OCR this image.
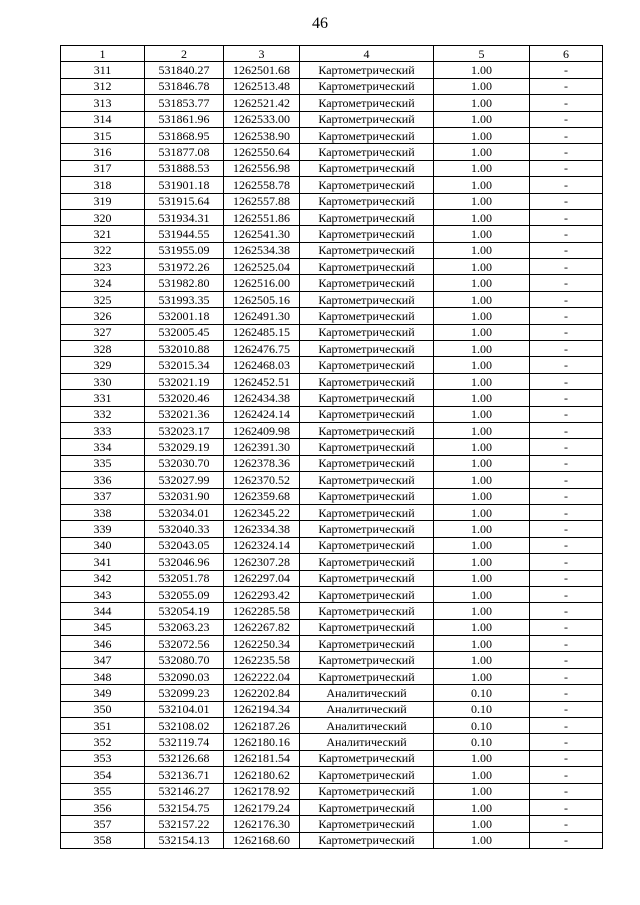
46
1	2	3	4	5	6
311	531840.27	1262501.68	Картометрический	1.00	-
312	531846.78	1262513.48	Картометрический	1.00	-
313	531853.77	1262521.42	Картометрический	1.00	-
314	531861.96	1262533.00	Картометрический	1.00	-
315	531868.95	1262538.90	Картометрический	1.00	-
316	531877.08	1262550.64	Картометрический	1.00	-
317	531888.53	1262556.98	Картометрический	1.00	-
318	531901.18	1262558.78	Картометрический	1.00	-
319	531915.64	1262557.88	Картометрический	1.00	-
320	531934.31	1262551.86	Картометрический	1.00	-
321	531944.55	1262541.30	Картометрический	1.00	-
322	531955.09	1262534.38	Картометрический	1.00	-
323	531972.26	1262525.04	Картометрический	1.00	-
324	531982.80	1262516.00	Картометрический	1.00	-
325	531993.35	1262505.16	Картометрический	1.00	-
326	532001.18	1262491.30	Картометрический	1.00	-
327	532005.45	1262485.15	Картометрический	1.00	-
328	532010.88	1262476.75	Картометрический	1.00	-
329	532015.34	1262468.03	Картометрический	1.00	-
330	532021.19	1262452.51	Картометрический	1.00	-
331	532020.46	1262434.38	Картометрический	1.00	-
332	532021.36	1262424.14	Картометрический	1.00	-
333	532023.17	1262409.98	Картометрический	1.00	-
334	532029.19	1262391.30	Картометрический	1.00	-
335	532030.70	1262378.36	Картометрический	1.00	-
336	532027.99	1262370.52	Картометрический	1.00	-
337	532031.90	1262359.68	Картометрический	1.00	-
338	532034.01	1262345.22	Картометрический	1.00	-
339	532040.33	1262334.38	Картометрический	1.00	-
340	532043.05	1262324.14	Картометрический	1.00	-
341	532046.96	1262307.28	Картометрический	1.00	-
342	532051.78	1262297.04	Картометрический	1.00	-
343	532055.09	1262293.42	Картометрический	1.00	-
344	532054.19	1262285.58	Картометрический	1.00	-
345	532063.23	1262267.82	Картометрический	1.00	-
346	532072.56	1262250.34	Картометрический	1.00	-
347	532080.70	1262235.58	Картометрический	1.00	-
348	532090.03	1262222.04	Картометрический	1.00	-
349	532099.23	1262202.84	Аналитический	0.10	-
350	532104.01	1262194.34	Аналитический	0.10	-
351	532108.02	1262187.26	Аналитический	0.10	-
352	532119.74	1262180.16	Аналитический	0.10	-
353	532126.68	1262181.54	Картометрический	1.00	-
354	532136.71	1262180.62	Картометрический	1.00	-
355	532146.27	1262178.92	Картометрический	1.00	-
356	532154.75	1262179.24	Картометрический	1.00	-
357	532157.22	1262176.30	Картометрический	1.00	-
358	532154.13	1262168.60	Картометрический	1.00	-
